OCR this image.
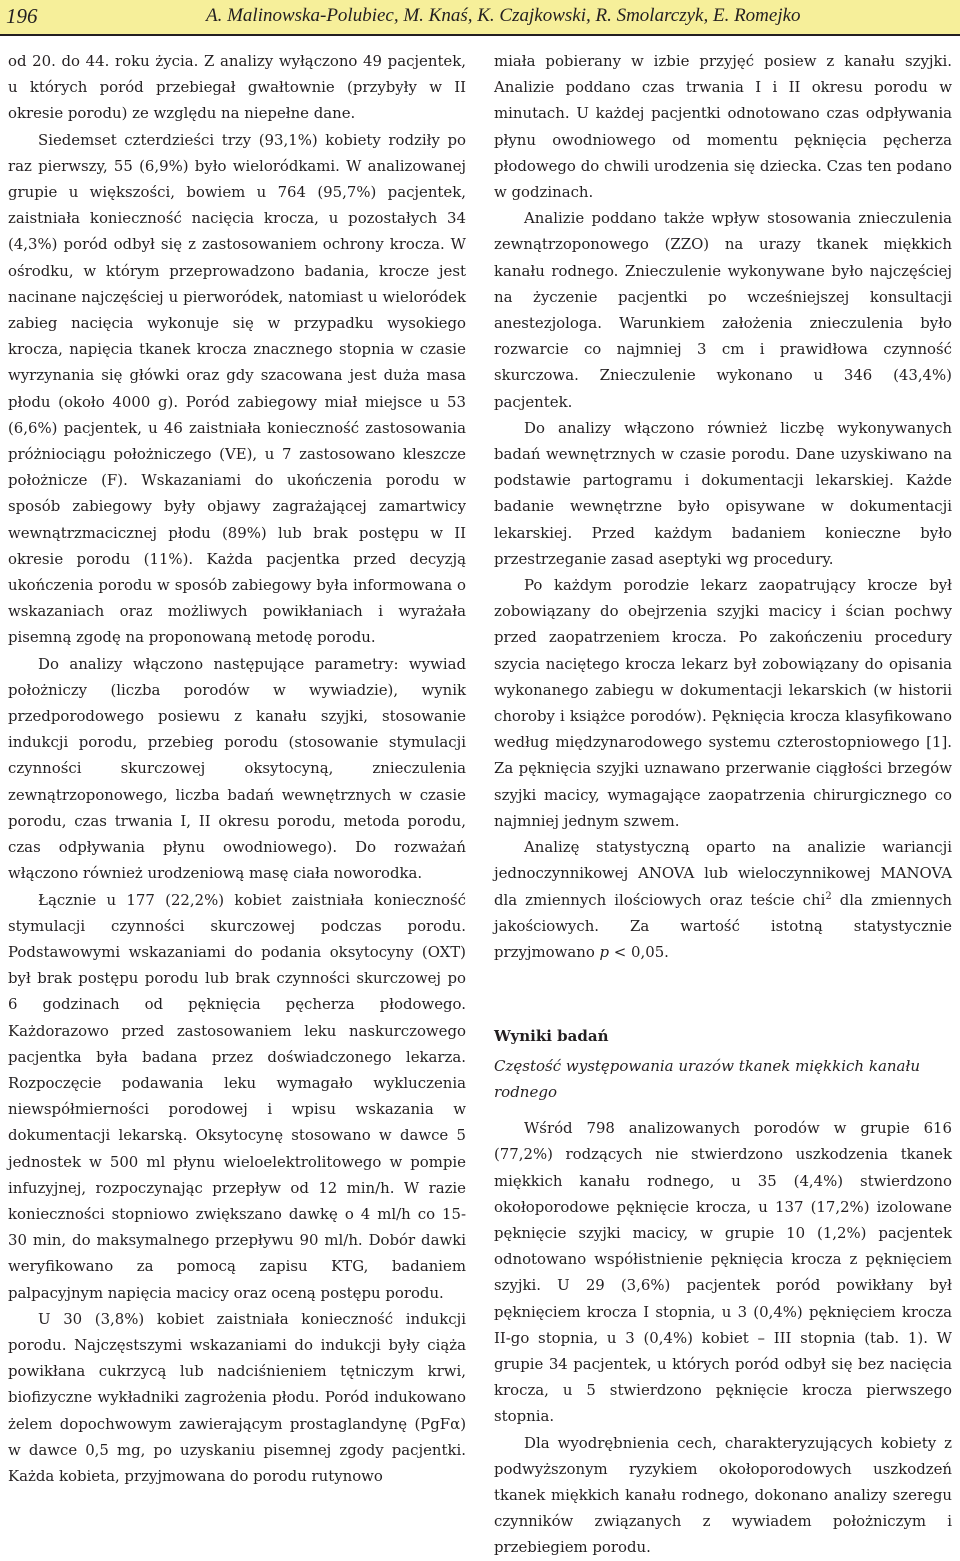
196	A. Malinowska-Polubiec, M. Knaś, K. Czajkowski, R. Smolarczyk, E. Romejko

od 20. do 44. roku życia. Z analizy wyłączono 49 pacjentek, u których poród przebiegał gwałtownie (przybyły w II okresie porodu) ze względu na niepełne dane.

Siedemset czterdzieści trzy (93,1%) kobiety rodziły po raz pierwszy, 55 (6,9%) było wieloródkami. W analizowanej grupie u większości, bowiem u 764 (95,7%) pacjentek, zaistniała konieczność nacięcia krocza, u pozostałych 34 (4,3%) poród odbył się z zastosowaniem ochrony krocza. W ośrodku, w którym przeprowadzono badania, krocze jest nacinane najczęściej u pierworódek, natomiast u wieloródek zabieg nacięcia wykonuje się w przypadku wysokiego krocza, napięcia tkanek krocza znacznego stopnia w czasie wyrzynania się główki oraz gdy szacowana jest duża masa płodu (około 4000 g). Poród zabiegowy miał miejsce u 53 (6,6%) pacjentek, u 46 zaistniała konieczność zastosowania próżniociągu położniczego (VE), u 7 zastosowano kleszcze położnicze (F). Wskazaniami do ukończenia porodu w sposób zabiegowy były objawy zagrażającej zamartwicy wewnątrzmacicznej płodu (89%) lub brak postępu w II okresie porodu (11%). Każda pacjentka przed decyzją ukończenia porodu w sposób zabiegowy była informowana o wskazaniach oraz możliwych powikłaniach i wyrażała pisemną zgodę na proponowaną metodę porodu.

Do analizy włączono następujące parametry: wywiad położniczy (liczba porodów w wywiadzie), wynik przedporodowego posiewu z kanału szyjki, stosowanie indukcji porodu, przebieg porodu (stosowanie stymulacji czynności skurczowej oksytocyną, znieczulenia zewnątrzoponowego, liczba badań wewnętrznych w czasie porodu, czas trwania I, II okresu porodu, metoda porodu, czas odpływania płynu owodniowego). Do rozważań włączono również urodzeniową masę ciała noworodka.

Łącznie u 177 (22,2%) kobiet zaistniała konieczność stymulacji czynności skurczowej podczas porodu. Podstawowymi wskazaniami do podania oksytocyny (OXT) był brak postępu porodu lub brak czynności skurczowej po 6 godzinach od pęknięcia pęcherza płodowego. Każdorazowo przed zastosowaniem leku naskurczowego pacjentka była badana przez doświadczonego lekarza. Rozpoczęcie podawania leku wymagało wykluczenia niewspółmierności porodowej i wpisu wskazania w dokumentacji lekarską. Oksytocynę stosowano w dawce 5 jednostek w 500 ml płynu wieloelektrolitowego w pompie infuzyjnej, rozpoczynając przepływ od 12 min/h. W razie konieczności stopniowo zwiększano dawkę o 4 ml/h co 15-30 min, do maksymalnego przepływu 90 ml/h. Dobór dawki weryfikowano za pomocą zapisu KTG, badaniem palpacyjnym napięcia macicy oraz oceną postępu porodu.

U 30 (3,8%) kobiet zaistniała konieczność indukcji porodu. Najczęstszymi wskazaniami do indukcji były ciąża powikłana cukrzycą lub nadciśnieniem tętniczym krwi, biofizyczne wykładniki zagrożenia płodu. Poród indukowano żelem dopochwowym zawierającym prostaglandynę (PgFα) w dawce 0,5 mg, po uzyskaniu pisemnej zgody pacjentki. Każda kobieta, przyjmowana do porodu rutynowo

miała pobierany w izbie przyjęć posiew z kanału szyjki. Analizie poddano czas trwania I i II okresu porodu w minutach. U każdej pacjentki odnotowano czas odpływania płynu owodniowego od momentu pęknięcia pęcherza płodowego do chwili urodzenia się dziecka. Czas ten podano w godzinach.

Analizie poddano także wpływ stosowania znieczulenia zewnątrzoponowego (ZZO) na urazy tkanek miękkich kanału rodnego. Znieczulenie wykonywane było najczęściej na życzenie pacjentki po wcześniejszej konsultacji anestezjologa. Warunkiem założenia znieczulenia było rozwarcie co najmniej 3 cm i prawidłowa czynność skurczowa. Znieczulenie wykonano u 346 (43,4%) pacjentek.

Do analizy włączono również liczbę wykonywanych badań wewnętrznych w czasie porodu. Dane uzyskiwano na podstawie partogramu i dokumentacji lekarskiej. Każde badanie wewnętrzne było opisywane w dokumentacji lekarskiej. Przed każdym badaniem konieczne było przestrzeganie zasad aseptyki wg procedury.

Po każdym porodzie lekarz zaopatrujący krocze był zobowiązany do obejrzenia szyjki macicy i ścian pochwy przed zaopatrzeniem krocza. Po zakończeniu procedury szycia naciętego krocza lekarz był zobowiązany do opisania wykonanego zabiegu w dokumentacji lekarskich (w historii choroby i książce porodów). Pęknięcia krocza klasyfikowano według międzynarodowego systemu czterostopniowego [1]. Za pęknięcia szyjki uznawano przerwanie ciągłości brzegów szyjki macicy, wymagające zaopatrzenia chirurgicznego co najmniej jednym szwem.

Analizę statystyczną oparto na analizie wariancji jednoczynnikowej ANOVA lub wieloczynnikowej MANOVA dla zmiennych ilościowych oraz teście chi$^2$ dla zmiennych jakościowych. Za wartość istotną statystycznie przyjmowano p < 0,05.

Wyniki badań
Częstość występowania urazów tkanek miękkich kanału rodnego

Wśród 798 analizowanych porodów w grupie 616 (77,2%) rodzących nie stwierdzono uszkodzenia tkanek miękkich kanału rodnego, u 35 (4,4%) stwierdzono okołoporodowe pęknięcie krocza, u 137 (17,2%) izolowane pęknięcie szyjki macicy, w grupie 10 (1,2%) pacjentek odnotowano współistnienie pęknięcia krocza z pęknięciem szyjki. U 29 (3,6%) pacjentek poród powikłany był pęknięciem krocza I stopnia, u 3 (0,4%) pęknięciem krocza II-go stopnia, u 3 (0,4%) kobiet – III stopnia (tab. 1). W grupie 34 pacjentek, u których poród odbył się bez nacięcia krocza, u 5 stwierdzono pęknięcie krocza pierwszego stopnia.

Dla wyodrębnienia cech, charakteryzujących kobiety z podwyższonym ryzykiem okołoporodowych uszkodzeń tkanek miękkich kanału rodnego, dokonano analizy szeregu czynników związanych z wywiadem położniczym i przebiegiem porodu.
